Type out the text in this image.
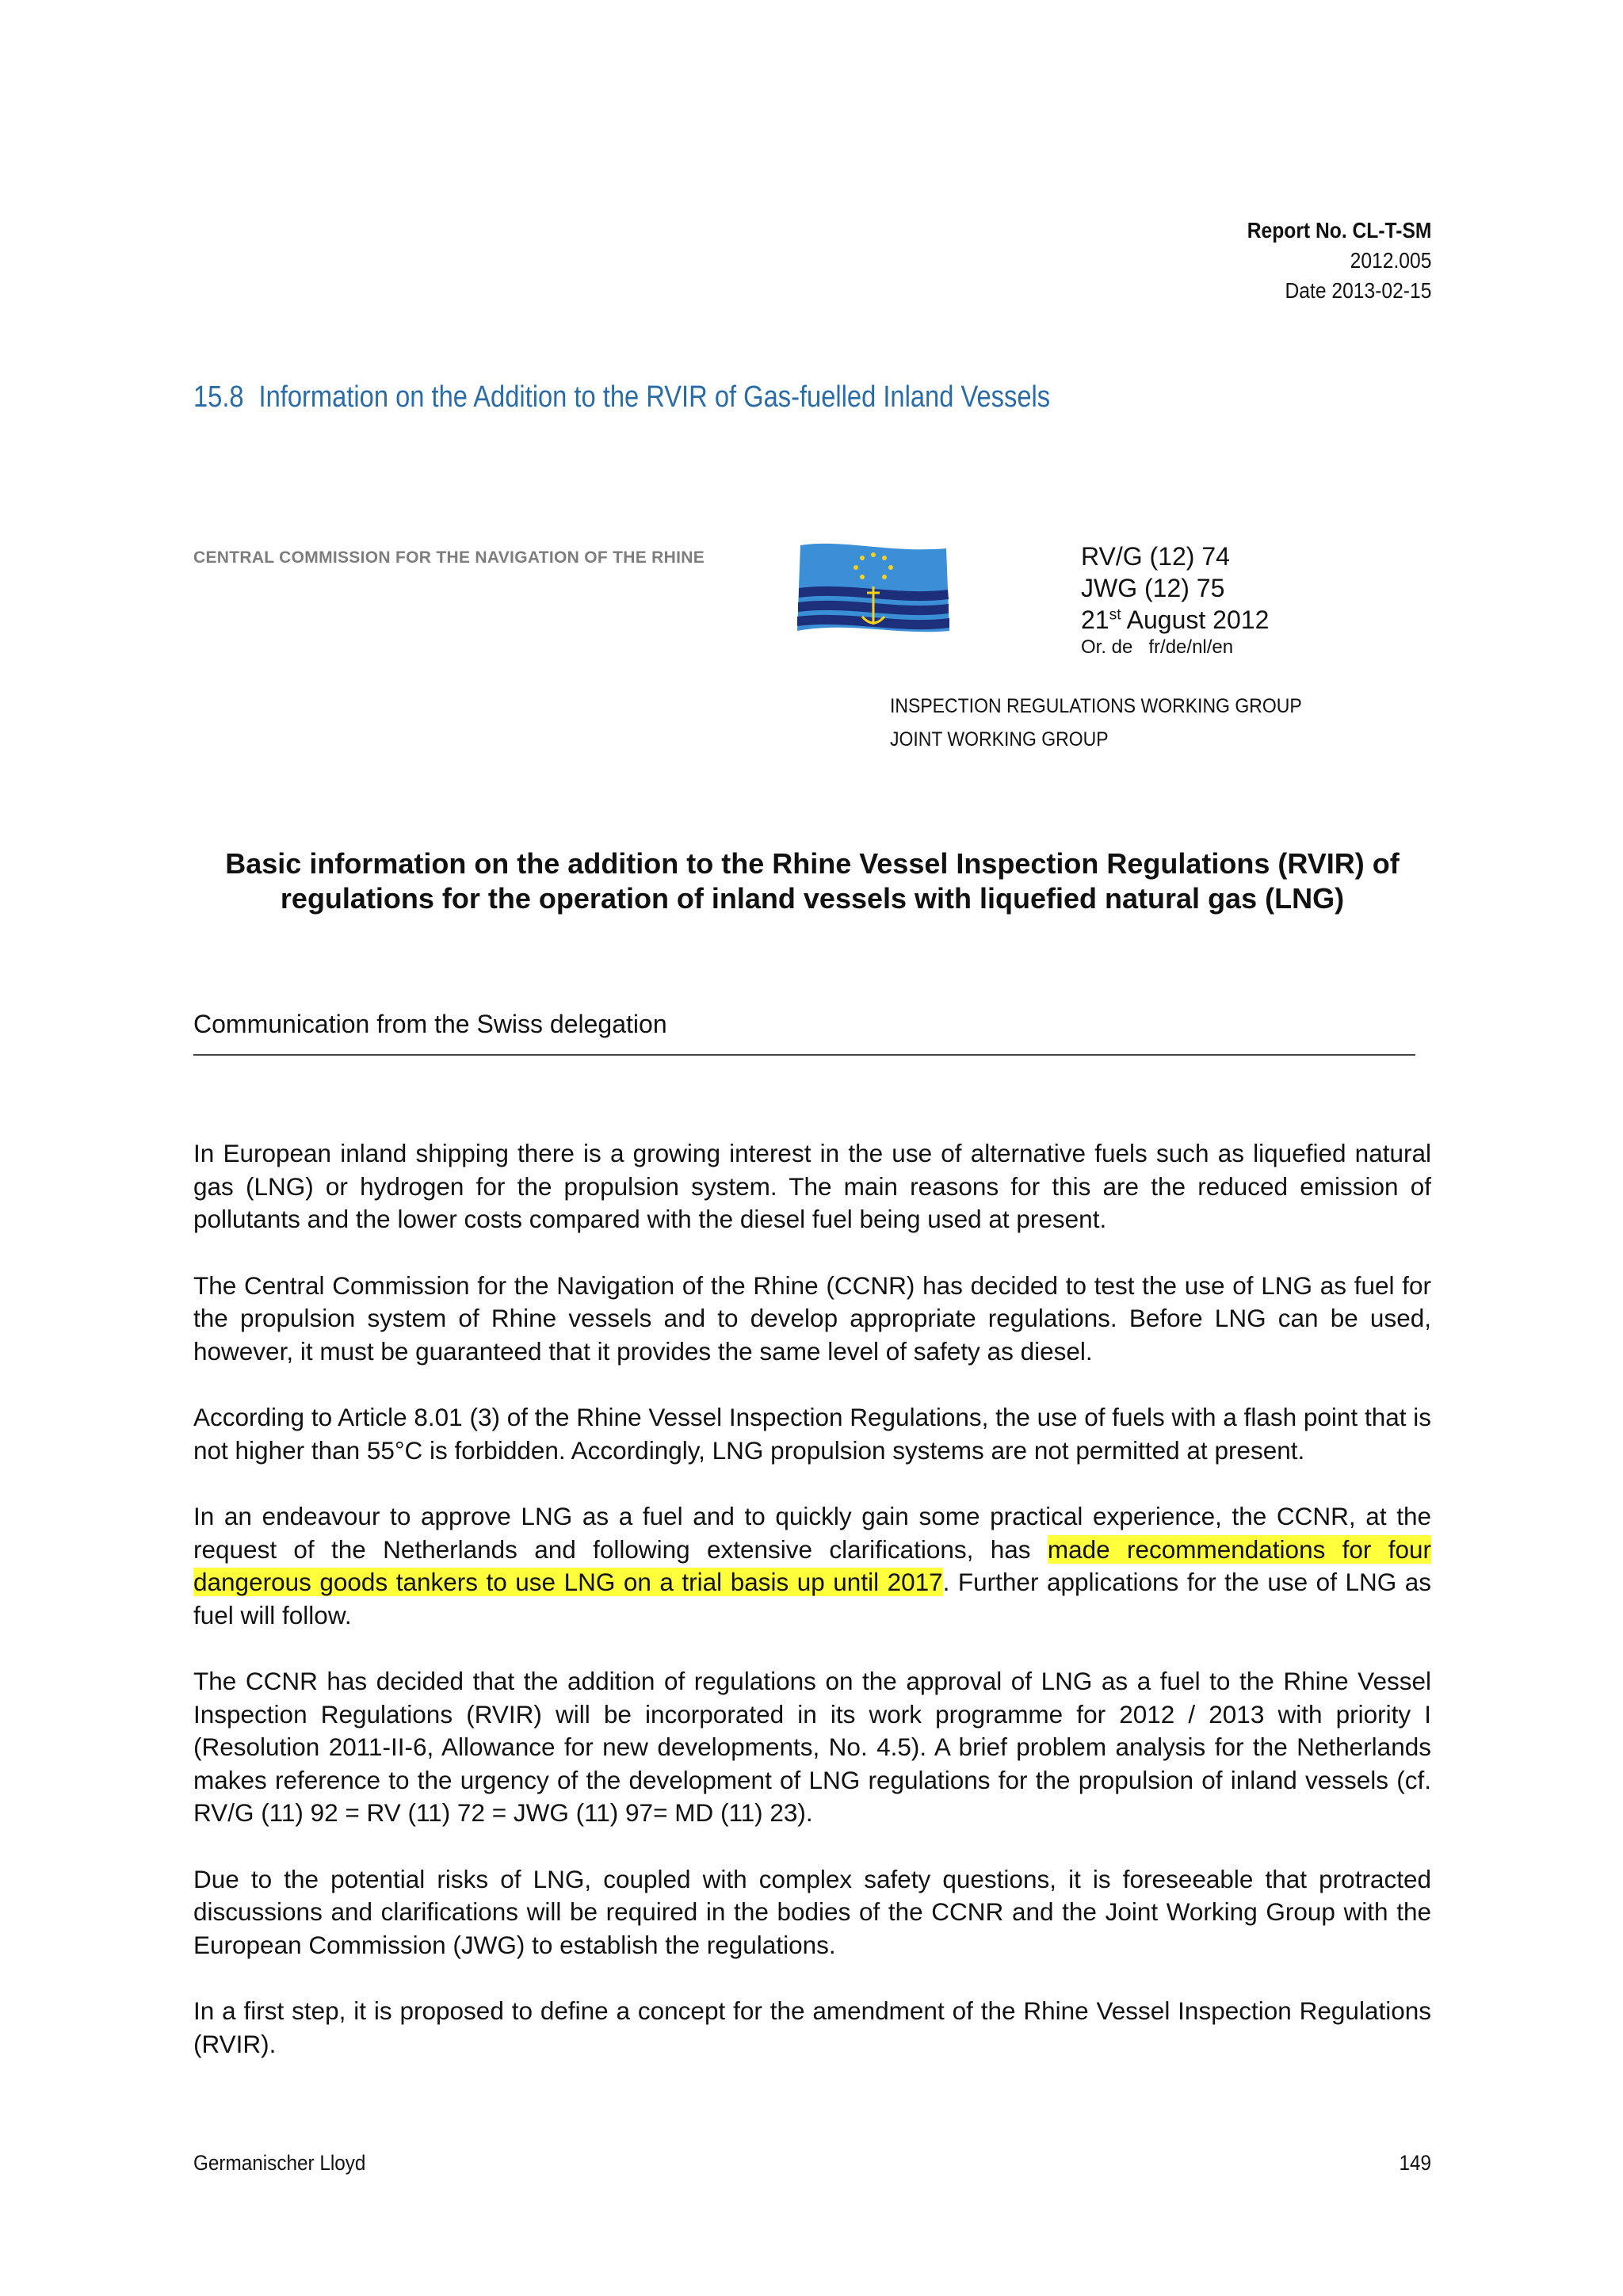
Report No. CL-T-SM
2012.005
Date 2013-02-15
15.8 Information on the Addition to the RVIR of Gas-fuelled Inland Vessels
CENTRAL COMMISSION FOR THE NAVIGATION OF THE RHINE	RV/G (12) 74
JWG (12) 75
21st August 2012
Or. de   fr/de/nl/en
INSPECTION REGULATIONS WORKING GROUP
JOINT WORKING GROUP
Basic information on the addition to the Rhine Vessel Inspection Regulations (RVIR) of
regulations for the operation of inland vessels with liquefied natural gas (LNG)
Communication from the Swiss delegation

In European inland shipping there is a growing interest in the use of alternative fuels such as liquefied natural gas (LNG) or hydrogen for the propulsion system. The main reasons for this are the reduced emission of pollutants and the lower costs compared with the diesel fuel being used at present.

The Central Commission for the Navigation of the Rhine (CCNR) has decided to test the use of LNG as fuel for the propulsion system of Rhine vessels and to develop appropriate regulations. Before LNG can be used, however, it must be guaranteed that it provides the same level of safety as diesel.

According to Article 8.01 (3) of the Rhine Vessel Inspection Regulations, the use of fuels with a flash point that is not higher than 55°C is forbidden. Accordingly, LNG propulsion systems are not permitted at present.

In an endeavour to approve LNG as a fuel and to quickly gain some practical experience, the CCNR, at the request of the Netherlands and following extensive clarifications, has made recommendations for four dangerous goods tankers to use LNG on a trial basis up until 2017. Further applications for the use of LNG as fuel will follow.

The CCNR has decided that the addition of regulations on the approval of LNG as a fuel to the Rhine Vessel Inspection Regulations (RVIR) will be incorporated in its work programme for 2012 / 2013 with priority I (Resolution 2011-II-6, Allowance for new developments, No. 4.5). A brief problem analysis for the Netherlands makes reference to the urgency of the development of LNG regulations for the propulsion of inland vessels (cf. RV/G (11) 92 = RV (11) 72 = JWG (11) 97= MD (11) 23).

Due to the potential risks of LNG, coupled with complex safety questions, it is foreseeable that protracted discussions and clarifications will be required in the bodies of the CCNR and the Joint Working Group with the European Commission (JWG) to establish the regulations.

In a first step, it is proposed to define a concept for the amendment of the Rhine Vessel Inspection Regulations (RVIR).

Germanischer Lloyd	149
